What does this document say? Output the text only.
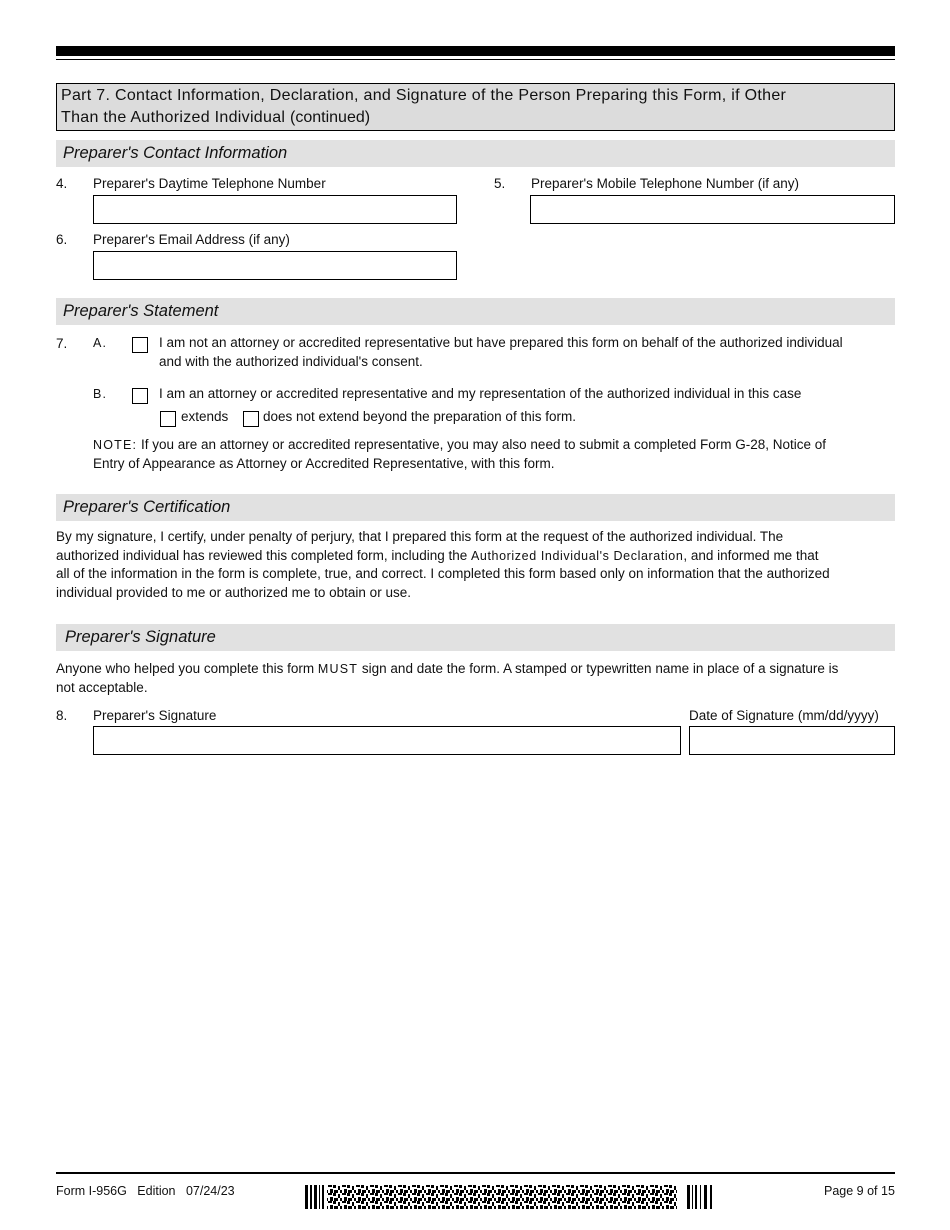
Part 7. Contact Information, Declaration, and Signature of the Person Preparing this Form, if Other
Than the Authorized Individual (continued)
Preparer's Contact Information
4. Preparer's Daytime Telephone Number	5. Preparer's Mobile Telephone Number (if any)
6. Preparer's Email Address (if any)
Preparer's Statement
7. A.	I am not an attorney or accredited representative but have prepared this form on behalf of the authorized individual
and with the authorized individual's consent.
B.	I am an attorney or accredited representative and my representation of the authorized individual in this case
extends	does not extend beyond the preparation of this form.
NOTE: If you are an attorney or accredited representative, you may also need to submit a completed Form G-28, Notice of
Entry of Appearance as Attorney or Accredited Representative, with this form.
Preparer's Certification
By my signature, I certify, under penalty of perjury, that I prepared this form at the request of the authorized individual. The
authorized individual has reviewed this completed form, including the Authorized Individual's Declaration, and informed me that
all of the information in the form is complete, true, and correct. I completed this form based only on information that the authorized
individual provided to me or authorized me to obtain or use.
Preparer's Signature
Anyone who helped you complete this form MUST sign and date the form. A stamped or typewritten name in place of a signature is
not acceptable.
8. Preparer's Signature	Date of Signature (mm/dd/yyyy)
Form I-956G Edition 07/24/23	Page 9 of 15
